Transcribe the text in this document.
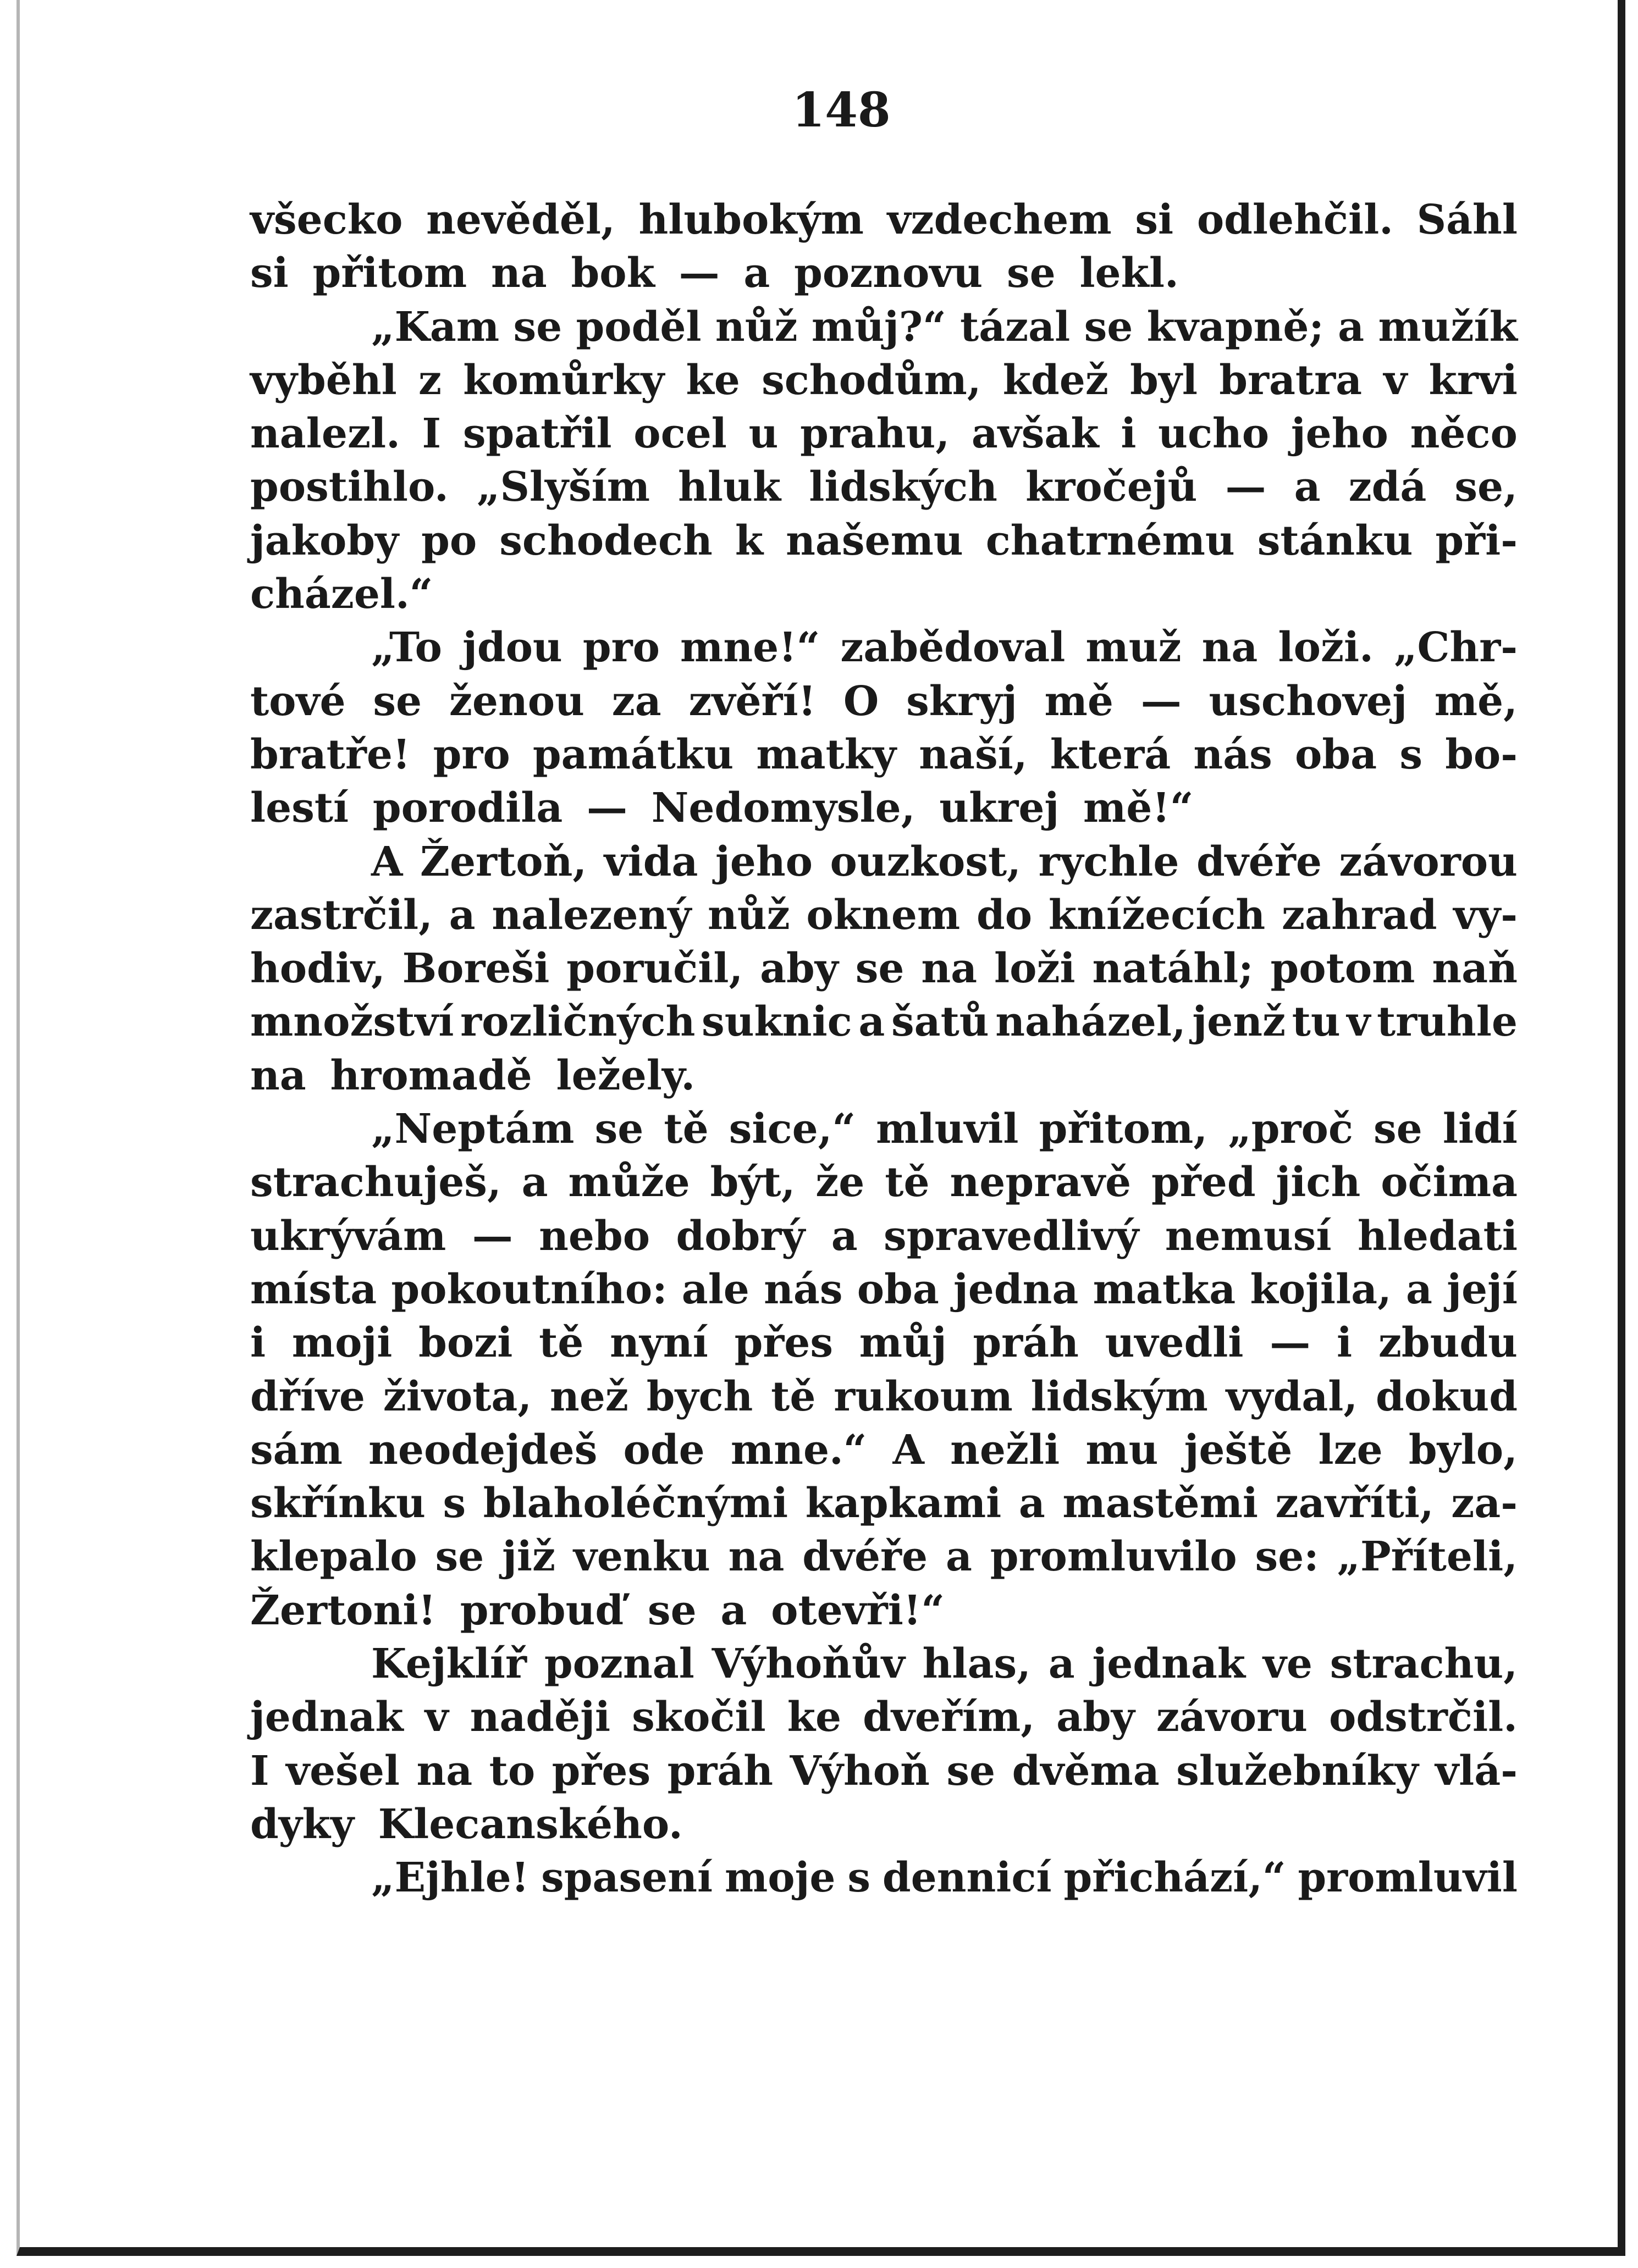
148
všecko nevěděl, hlubokým vzdechem si odlehčil. Sáhl
si přitom na bok — a poznovu se lekl.
„Kam se poděl nůž můj?“ tázal se kvapně; a mužík
vyběhl z komůrky ke schodům, kdež byl bratra v krvi
nalezl. I spatřil ocel u prahu, avšak i ucho jeho něco
postihlo. „Slyším hluk lidských kročejů — a zdá se,
jakoby po schodech k našemu chatrnému stánku při-
cházel.“
„To jdou pro mne!“ zabědoval muž na loži. „Chr-
tové se ženou za zvěří! O skryj mě — uschovej mě,
bratře! pro památku matky naší, která nás oba s bo-
lestí porodila — Nedomysle, ukrej mě!“
A Žertoň, vida jeho ouzkost, rychle dvéře závorou
zastrčil, a nalezený nůž oknem do knížecích zahrad vy-
hodiv, Boreši poručil, aby se na loži natáhl; potom naň
množství rozličných suknic a šatů naházel, jenž tu v truhle
na hromadě ležely.
„Neptám se tě sice,“ mluvil přitom, „proč se lidí
strachuješ, a může být, že tě nepravě před jich očima
ukrývám — nebo dobrý a spravedlivý nemusí hledati
místa pokoutního: ale nás oba jedna matka kojila, a její
i moji bozi tě nyní přes můj práh uvedli — i zbudu
dříve života, než bych tě rukoum lidským vydal, dokud
sám neodejdeš ode mne.“ A nežli mu ještě lze bylo,
skřínku s blaholéčnými kapkami a mastěmi zavříti, za-
klepalo se již venku na dvéře a promluvilo se: „Příteli,
Žertoni! probuď se a otevři!“
Kejklíř poznal Výhoňův hlas, a jednak ve strachu,
jednak v naději skočil ke dveřím, aby závoru odstrčil.
I vešel na to přes práh Výhoň se dvěma služebníky vlá-
dyky Klecanského.
„Ejhle! spasení moje s dennicí přichází,“ promluvil
